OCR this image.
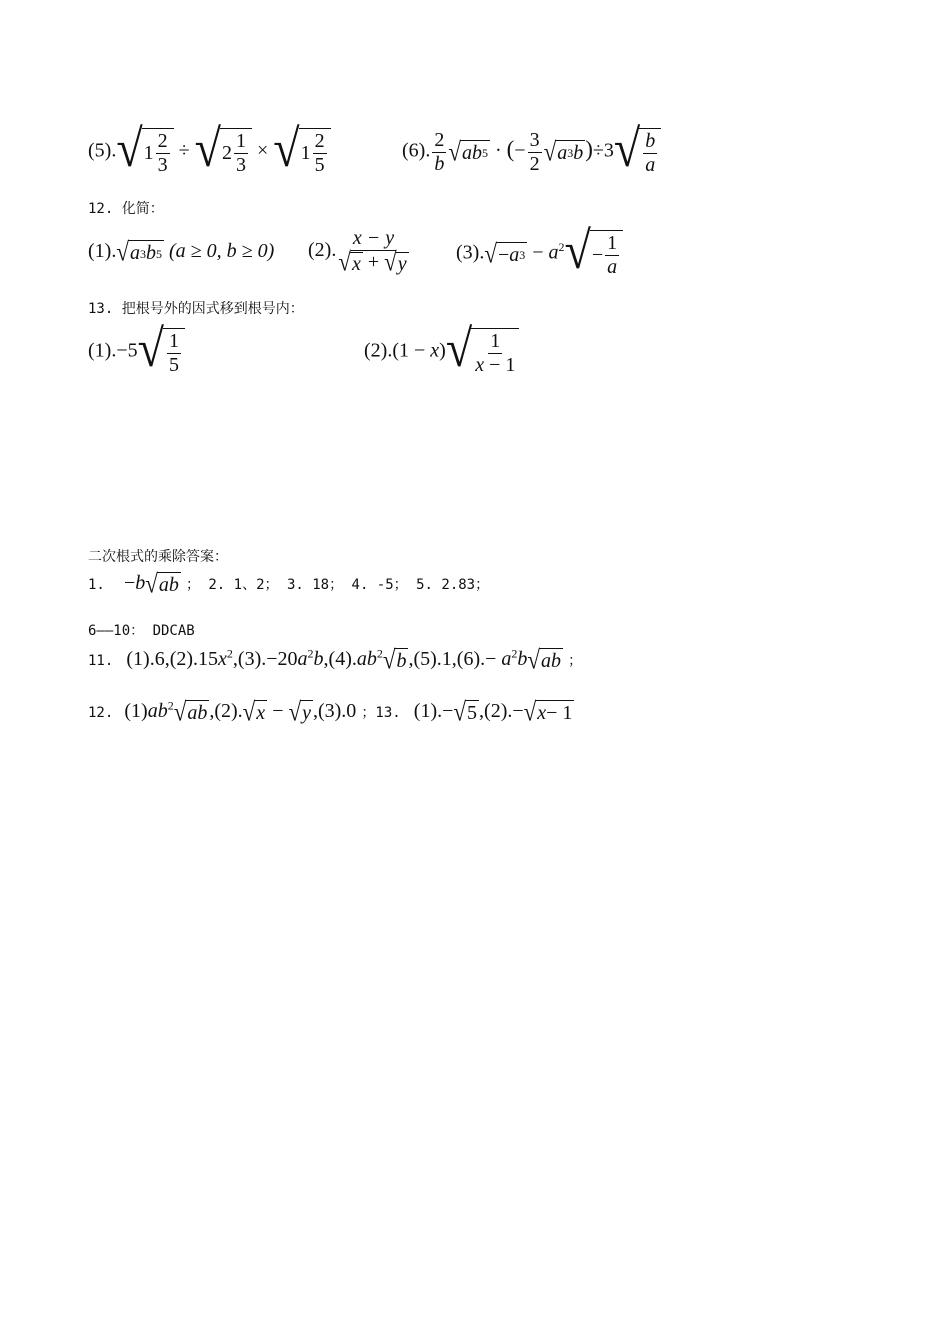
(5). √ $1 \frac{2}{3}$ ÷ √ $2 \frac{1}{3}$ × √ $1 \frac{2}{5}$	(6). $\frac{2}{b}$ √ ab 5 · (− $\frac{3}{2}$ √ a 3 b )÷3 √ $\frac{b}{a}$
12. 化简：
(1). √ a 3 b 5 (a ≥ 0, b ≥ 0) (2). $\frac{x - y}{√ x + √ y} (3)$. √ − a $3 - a^2$ √ − $\frac{1}{a}$
13. 把根号外的因式移到根号内：
(1).−5 √ $\frac{1}{5}$	(2).(1 − x) √ $\frac{1}{x - 1}$
二次根式的乘除答案：
1. −b √ ab ； 2. 1、2； 3. 18； 4. -5； 5. 2.83；
6——10： DDCAB
11. $(1).6,(2).15x^2,(3).-20a^2b,(4).ab^2$ √ b $,(5).1,(6).- a^2b$ √ ab ；
12. $(1)ab^2$ √ ab ,(2). √ x − √ y ,(3).0 ；13. (1).− √ 5 ,(2).− √ x − 1
